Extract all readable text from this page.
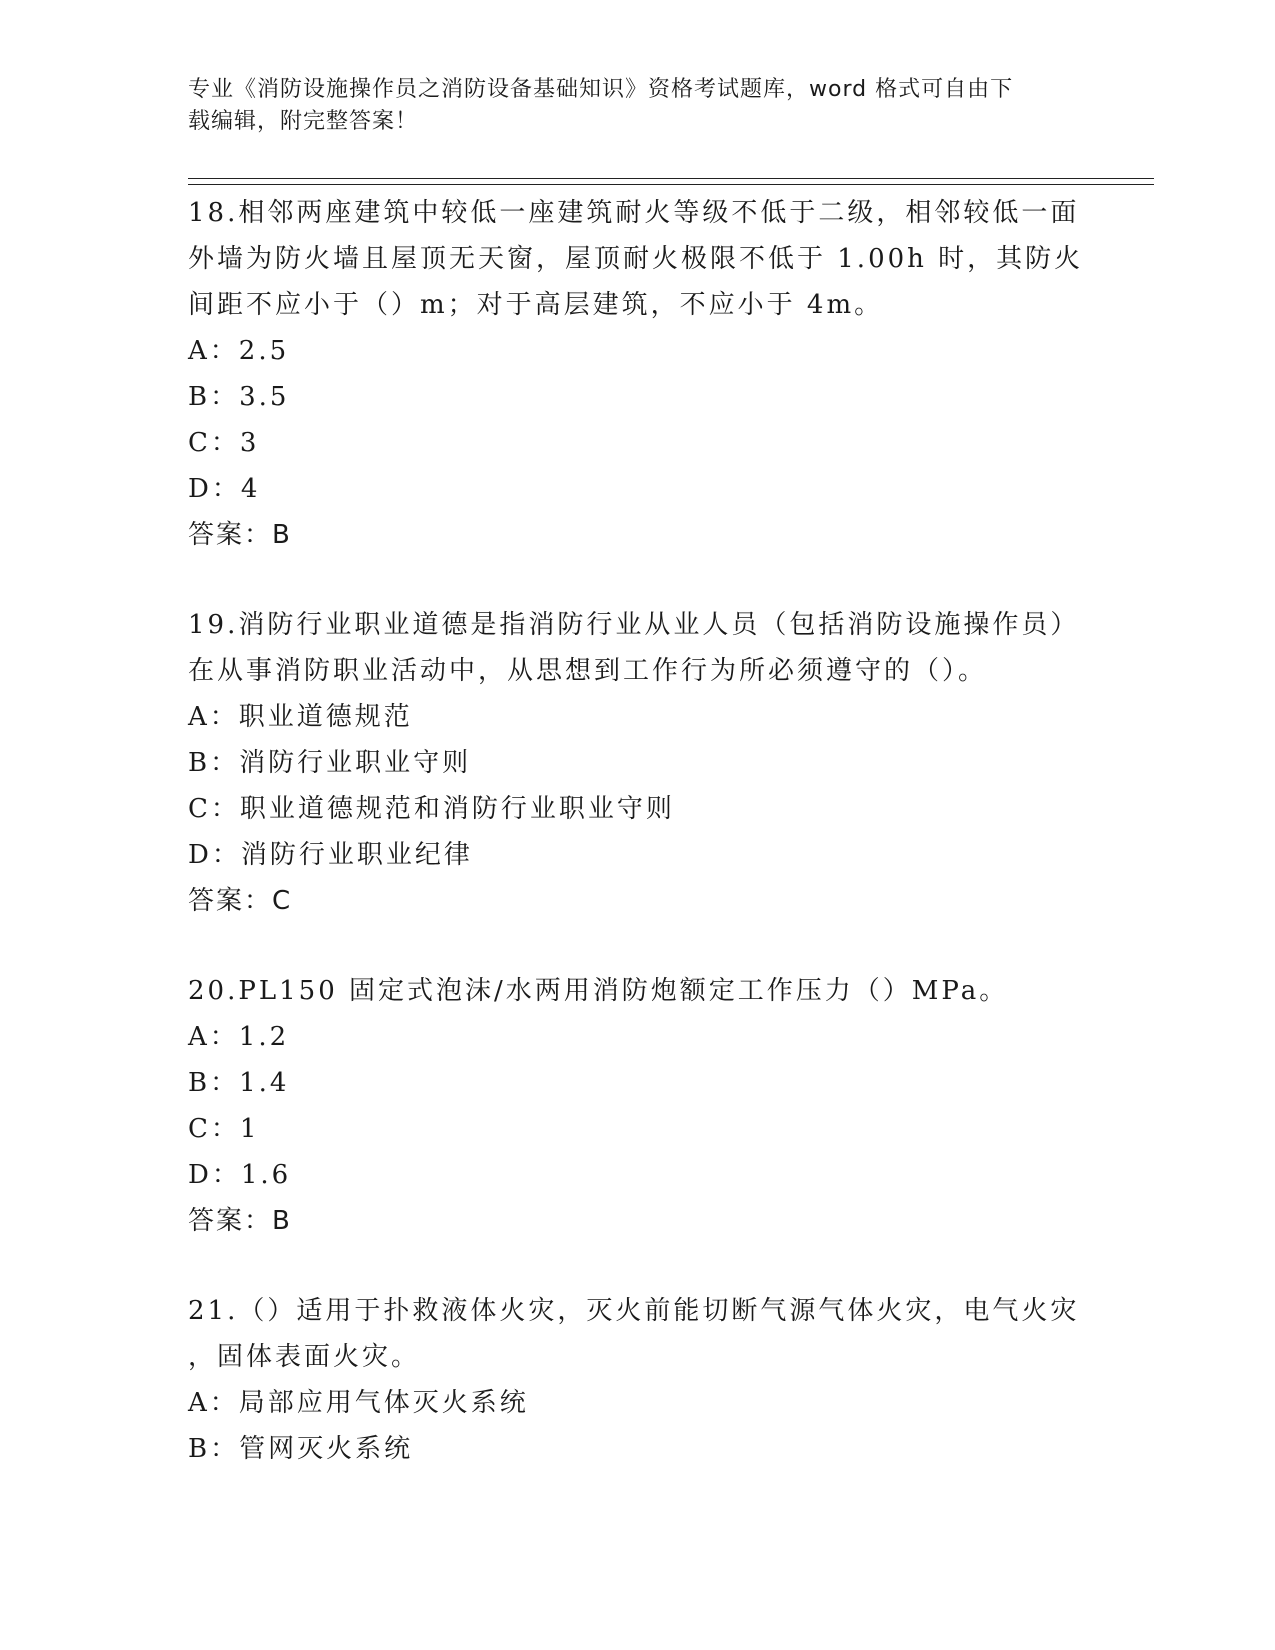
专业《消防设施操作员之消防设备基础知识》资格考试题库，word 格式可自由下
载编辑，附完整答案！
18.相邻两座建筑中较低一座建筑耐火等级不低于二级，相邻较低一面
外墙为防火墙且屋顶无天窗，屋顶耐火极限不低于 1.00h 时，其防火
间距不应小于（）m；对于高层建筑，不应小于 4m。
A：2.5
B：3.5
C：3
D：4
答案：B
19.消防行业职业道德是指消防行业从业人员（包括消防设施操作员）
在从事消防职业活动中，从思想到工作行为所必须遵守的（）。
A：职业道德规范
B：消防行业职业守则
C：职业道德规范和消防行业职业守则
D：消防行业职业纪律
答案：C
20.PL150 固定式泡沫/水两用消防炮额定工作压力（）MPa。
A：1.2
B：1.4
C：1
D：1.6
答案：B
21.（）适用于扑救液体火灾，灭火前能切断气源气体火灾，电气火灾
，固体表面火灾。
A：局部应用气体灭火系统
B：管网灭火系统
